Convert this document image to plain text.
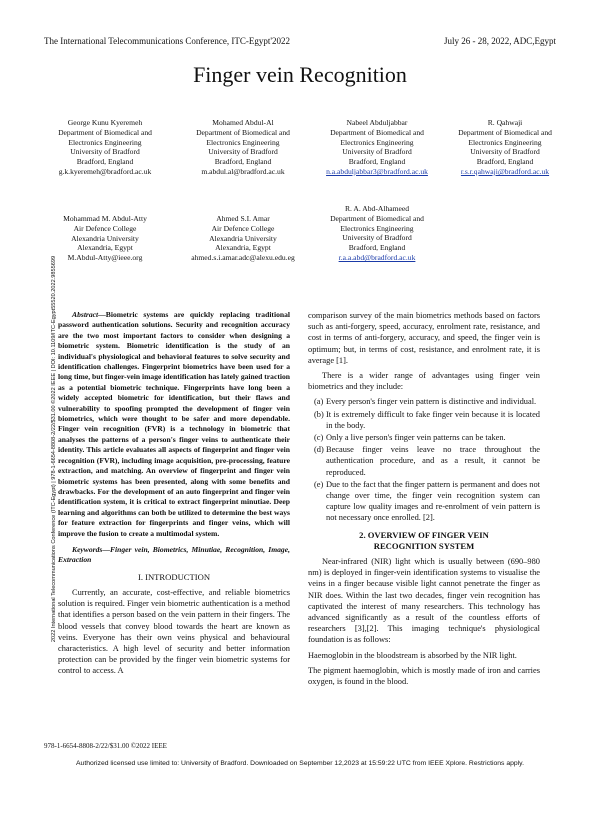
The International Telecommunications Conference, ITC-Egypt'2022	July 26 - 28, 2022, ADC,Egypt
Finger vein Recognition
George Kunu Kyeremeh
Department of Biomedical and
Electronics Engineering
University of Bradford
Bradford, England
g.k.kyeremeh@bradford.ac.uk
Mohamed Abdul-Al
Department of Biomedical and
Electronics Engineering
University of Bradford
Bradford, England
m.abdul.al@bradford.ac.uk
Nabeel Abduljabbar
Department of Biomedical and
Electronics Engineering
University of Bradford
Bradford, England
n.a.abduljabbar3@bradford.ac.uk
R. Qahwaji
Department of Biomedical and
Electronics Engineering
University of Bradford
Bradford, England
r.s.r.qahwaji@bradford.ac.uk
Mohammad M. Abdul-Atty
Air Defence College
Alexandria University
Alexandria, Egypt
M.Abdul-Atty@ieee.org
Ahmed S.I. Amar
Air Defence College
Alexandria University
Alexandria, Egypt
ahmed.s.i.amar.adc@alexu.edu.eg
R. A. Abd-Alhameed
Department of Biomedical and
Electronics Engineering
University of Bradford
Bradford, England
r.a.a.abd@bradford.ac.uk
Abstract—Biometric systems are quickly replacing traditional password authentication solutions. Security and recognition accuracy are the two most important factors to consider when designing a biometric system. Biometric identification is the study of an individual's physiological and behavioral features to solve security and identification challenges. Fingerprint biometrics have been used for a long time, but finger-vein image identification has lately gained traction as a potential biometric technique. Fingerprints have long been a widely accepted biometric for identification, but their flaws and vulnerability to spoofing prompted the development of finger vein biometrics, which were thought to be safer and more dependable. Finger vein recognition (FVR) is a technology in biometric that analyses the patterns of a person's finger veins to authenticate their identity. This article evaluates all aspects of fingerprint and finger vein recognition (FVR), including image acquisition, pre-processing, feature extraction, and matching. An overview of fingerprint and finger vein biometric systems has been presented, along with some benefits and drawbacks. For the development of an auto fingerprint and finger vein identification system, it is critical to extract fingerprint minutiae. Deep learning and algorithms can both be utilized to determine the best ways for feature extraction for fingerprints and finger veins, which will improve the fusion to create a multimodal system.
Keywords—Finger vein, Biometrics, Minutiae, Recognition, Image, Extraction
I. INTRODUCTION
Currently, an accurate, cost-effective, and reliable biometrics solution is required. Finger vein biometric authentication is a method that identifies a person based on the vein pattern in their fingers. The blood vessels that convey blood towards the heart are known as veins. Everyone has their own veins physical and behavioural characteristics. A high level of security and better information protection can be provided by the finger vein biometric systems for control to access. A
comparison survey of the main biometrics methods based on factors such as anti-forgery, speed, accuracy, enrolment rate, resistance, and cost in terms of anti-forgery, accuracy, and speed, the finger vein is optimum; but, in terms of cost, resistance, and enrolment rate, it is average [1].
There is a wider range of advantages using finger vein biometrics and they include:
(a) Every person's finger vein pattern is distinctive and individual.
(b) It is extremely difficult to fake finger vein because it is located in the body.
(c) Only a live person's finger vein patterns can be taken.
(d) Because finger veins leave no trace throughout the authentication procedure, and as a result, it cannot be reproduced.
(e) Due to the fact that the finger pattern is permanent and does not change over time, the finger vein recognition system can capture low quality images and re-enrolment of vein pattern is not necessary once enrolled. [2].
2. OVERVIEW OF FINGER VEIN RECOGNITION SYSTEM
Near-infrared (NIR) light which is usually between (690–980 nm) is deployed in finger-vein identification systems to visualise the veins in a finger because visible light cannot penetrate the finger as NIR does. Within the last two decades, finger vein recognition has captivated the interest of many researchers. This technology has advanced significantly as a result of the countless efforts of researchers [3],[2]. This imaging technique's physiological foundation is as follows:
Haemoglobin in the bloodstream is absorbed by the NIR light.
The pigment haemoglobin, which is mostly made of iron and carries oxygen, is found in the blood.
2022 International Telecommunications Conference (ITC-Egypt) | 978-1-6654-8808-2/22/$31.00 ©2022 IEEE | DOI: 10.1109/ITC-Egypt55520.2022.9855699
978-1-6654-8808-2/22/$31.00 ©2022 IEEE
Authorized licensed use limited to: University of Bradford. Downloaded on September 12,2023 at 15:59:22 UTC from IEEE Xplore. Restrictions apply.
